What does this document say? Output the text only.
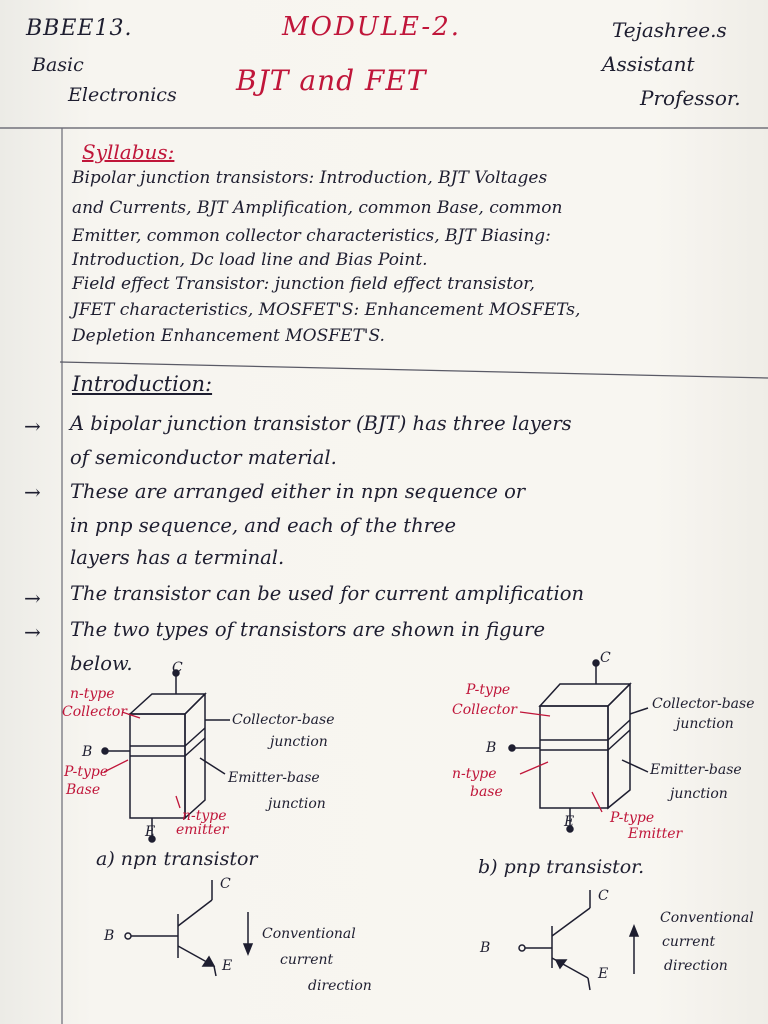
BBEE13.
Basic
Electronics
MODULE-2.
BJT and FET
Tejashree.s
Assistant
Professor.
Syllabus:
Bipolar junction transistors: Introduction, BJT Voltages
and Currents, BJT Amplification, common Base, common
Emitter, common collector characteristics, BJT Biasing:
Introduction, Dc load line and Bias Point.
Field effect Transistor: junction field effect transistor,
JFET characteristics, MOSFET'S: Enhancement MOSFETs,
Depletion Enhancement MOSFET'S.
Introduction:
→ A bipolar junction transistor (BJT) has three layers
of semiconductor material.
→ These are arranged either in npn sequence or
in pnp sequence, and each of the three
layers has a terminal.
→ The transistor can be used for current amplification
→ The two types of transistors are shown in figure
below.	C
B
E
n-type
Collector
P-type
Base
n-type
emitter
Collector-base
junction
Emitter-base
junction
a) npn transistor
C
B
E
P-type
Collector
n-type
base
P-type
Emitter
Collector-base
junction
Emitter-base
junction
b) pnp transistor.
C
B
E
Conventional
current
direction
C
B
E
Conventional
current
direction
